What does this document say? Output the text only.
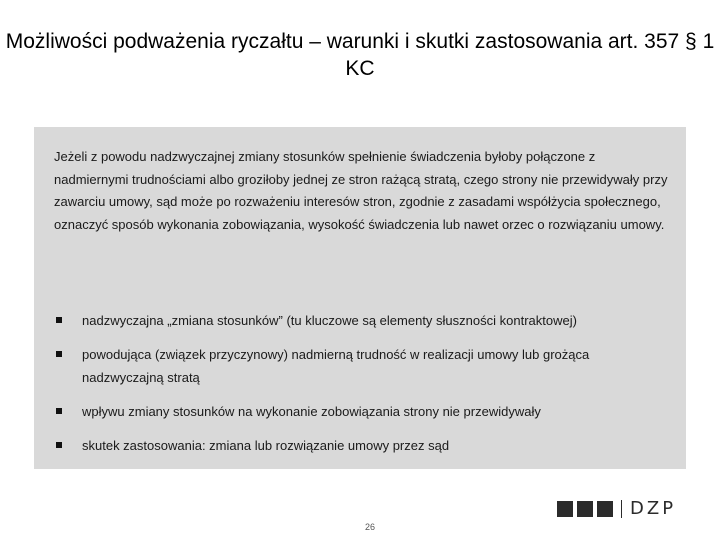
Możliwości podważenia ryczałtu – warunki i skutki zastosowania art. 357 § 1 KC

Jeżeli z powodu nadzwyczajnej zmiany stosunków spełnienie świadczenia byłoby połączone z nadmiernymi trudnościami albo groziłoby jednej ze stron rażącą stratą, czego strony nie przewidywały przy zawarciu umowy, sąd może po rozważeniu interesów stron, zgodnie z zasadami współżycia społecznego, oznaczyć sposób wykonania zobowiązania, wysokość świadczenia lub nawet orzec o rozwiązaniu umowy.

nadzwyczajna „zmiana stosunków” (tu kluczowe są elementy słuszności kontraktowej)
powodująca (związek przyczynowy) nadmierną trudność w realizacji umowy lub grożąca nadzwyczajną stratą
wpływu zmiany stosunków na wykonanie zobowiązania strony nie przewidywały
skutek zastosowania: zmiana lub rozwiązanie umowy przez sąd
DZP
26
